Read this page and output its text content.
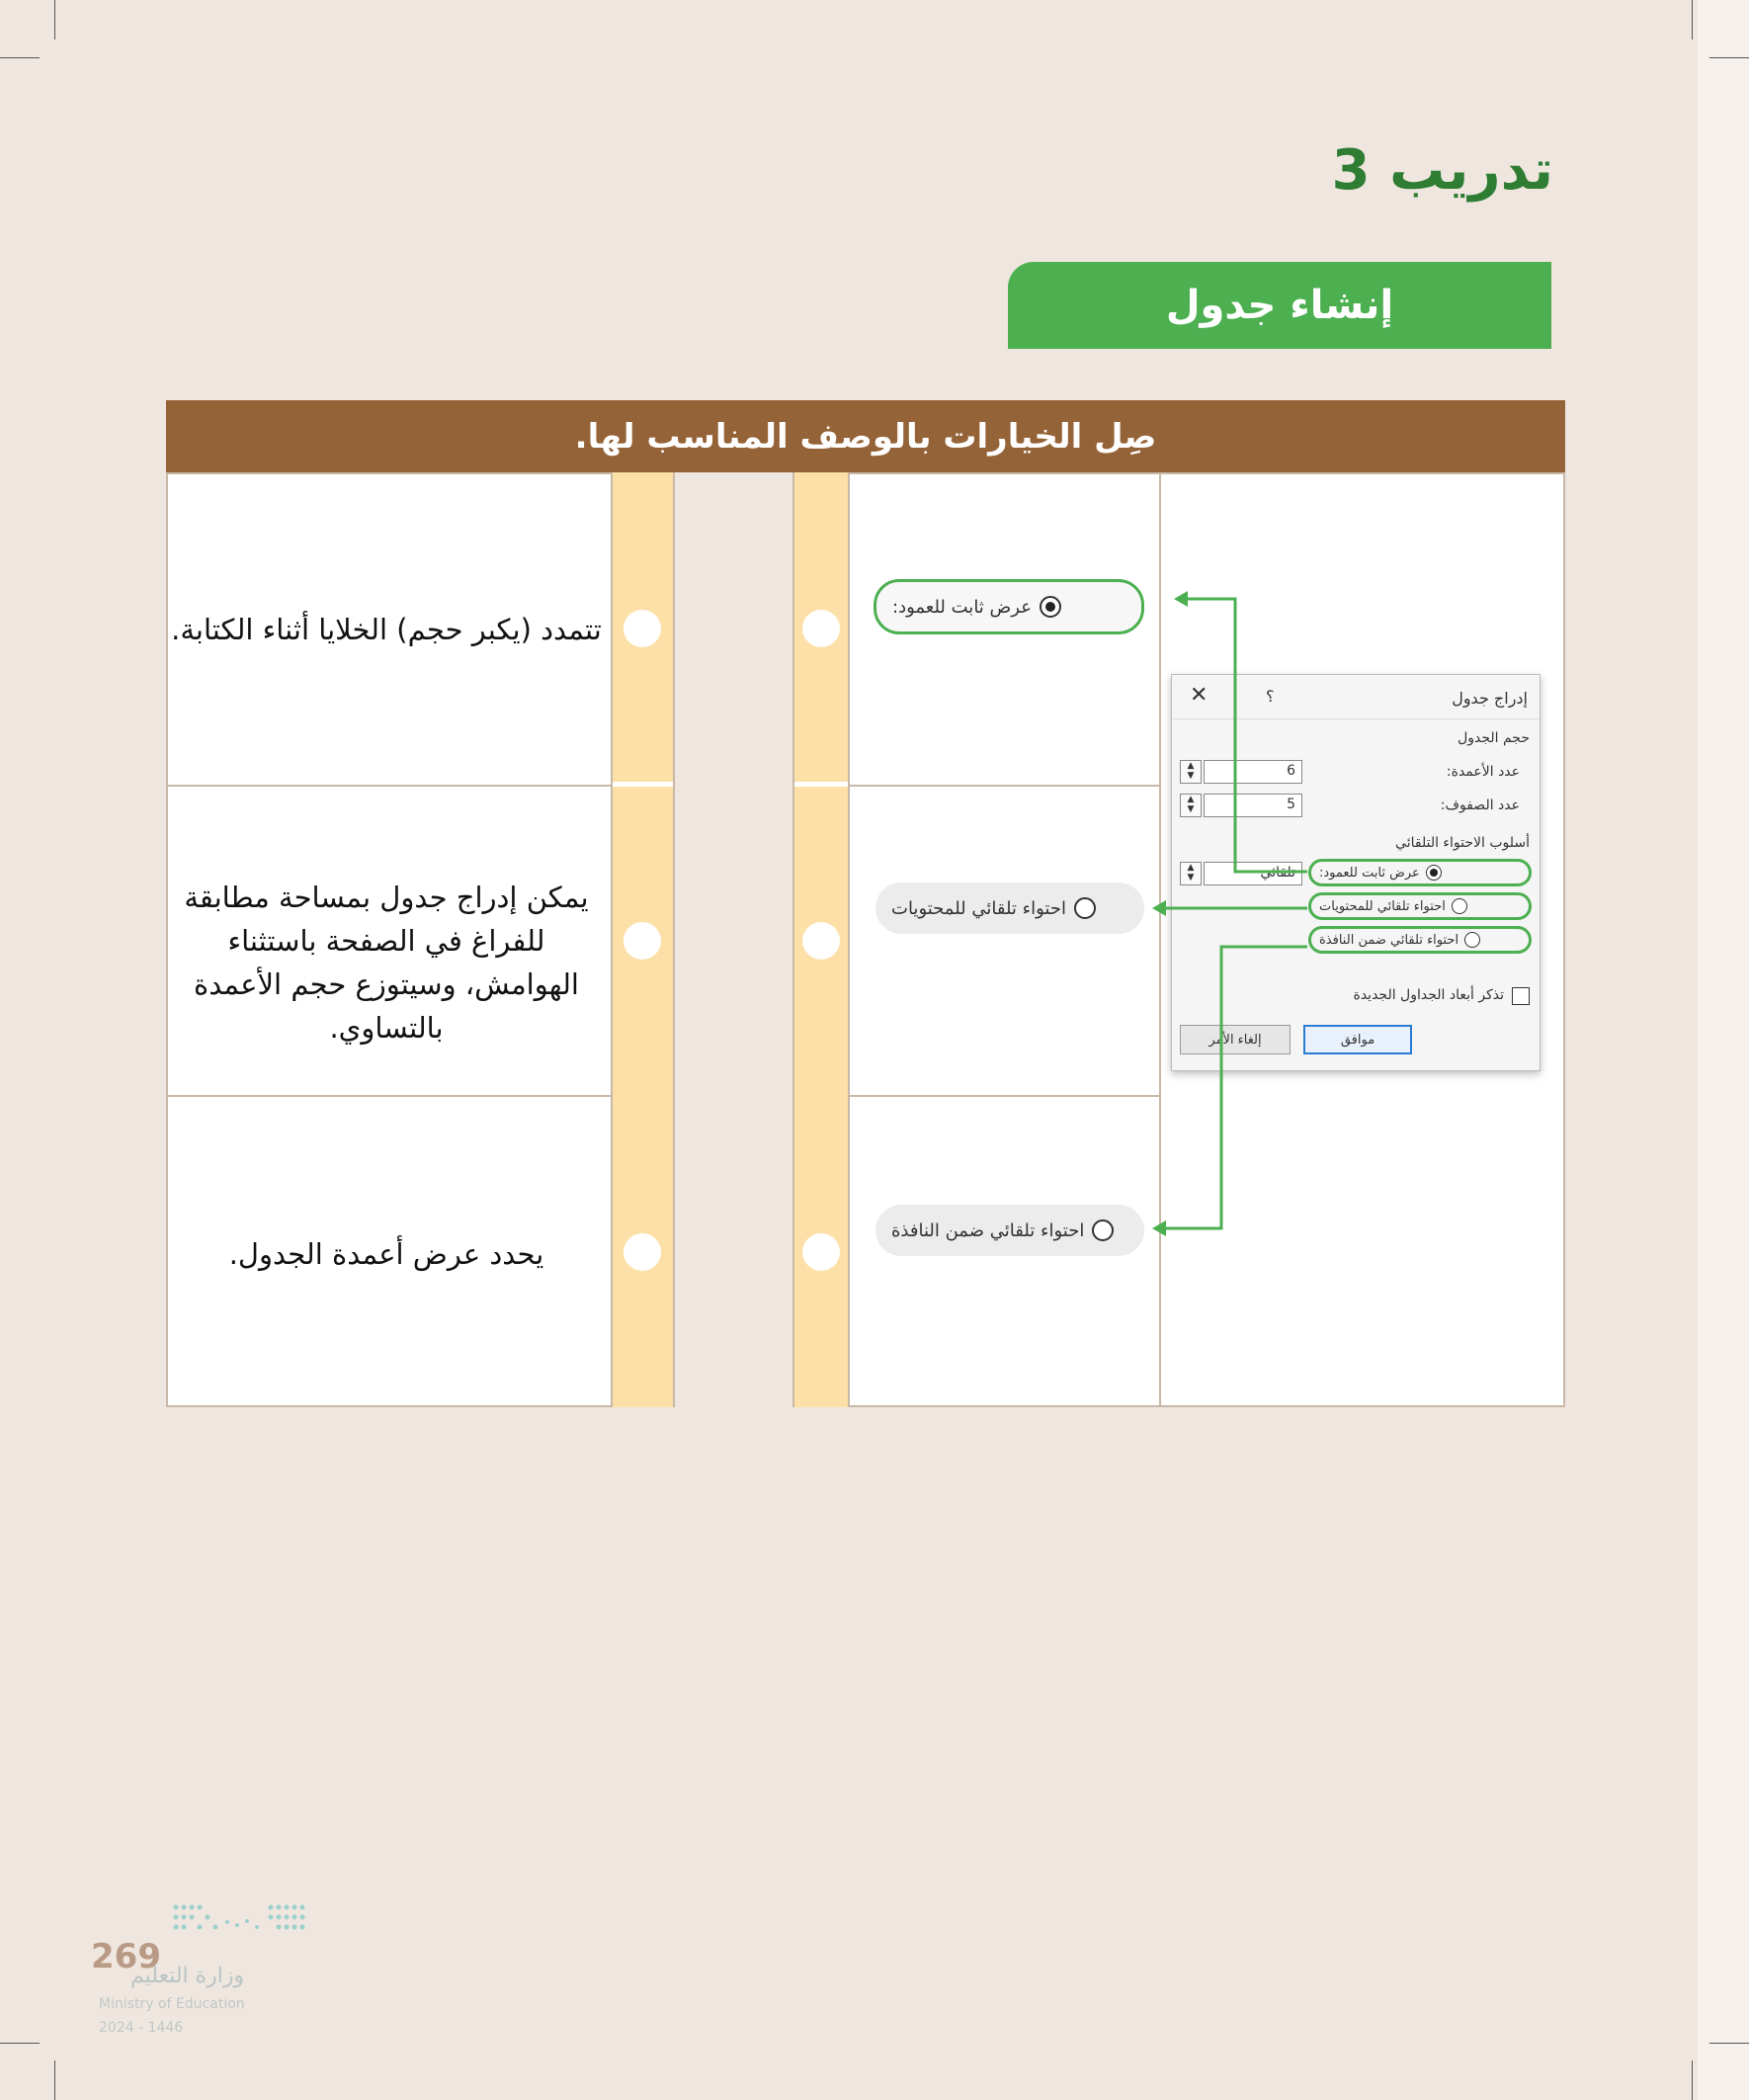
تدريب 3
إنشاء جدول
صِل الخيارات بالوصف المناسب لها.
تتمدد (يكبر حجم) الخلايا أثناء الكتابة.
يمكن إدراج جدول بمساحة مطابقة للفراغ في الصفحة باستثناء الهوامش، وسيتوزع حجم الأعمدة بالتساوي.
يحدد عرض أعمدة الجدول.
عرض ثابت للعمود:
احتواء تلقائي للمحتويات
احتواء تلقائي ضمن النافذة
إدراج جدول
؟
✕
حجم الجدول
عدد الأعمدة:
عدد الصفوف:
6
▲
▼
5
▲
▼
أسلوب الاحتواء التلقائي
عرض ثابت للعمود:
تلقائي
▲
▼
احتواء تلقائي للمحتويات
احتواء تلقائي ضمن النافذة
تذكر أبعاد الجداول الجديدة
موافق
إلغاء الأمر
269
وزارة التعليم
Ministry of Education
2024 - 1446
